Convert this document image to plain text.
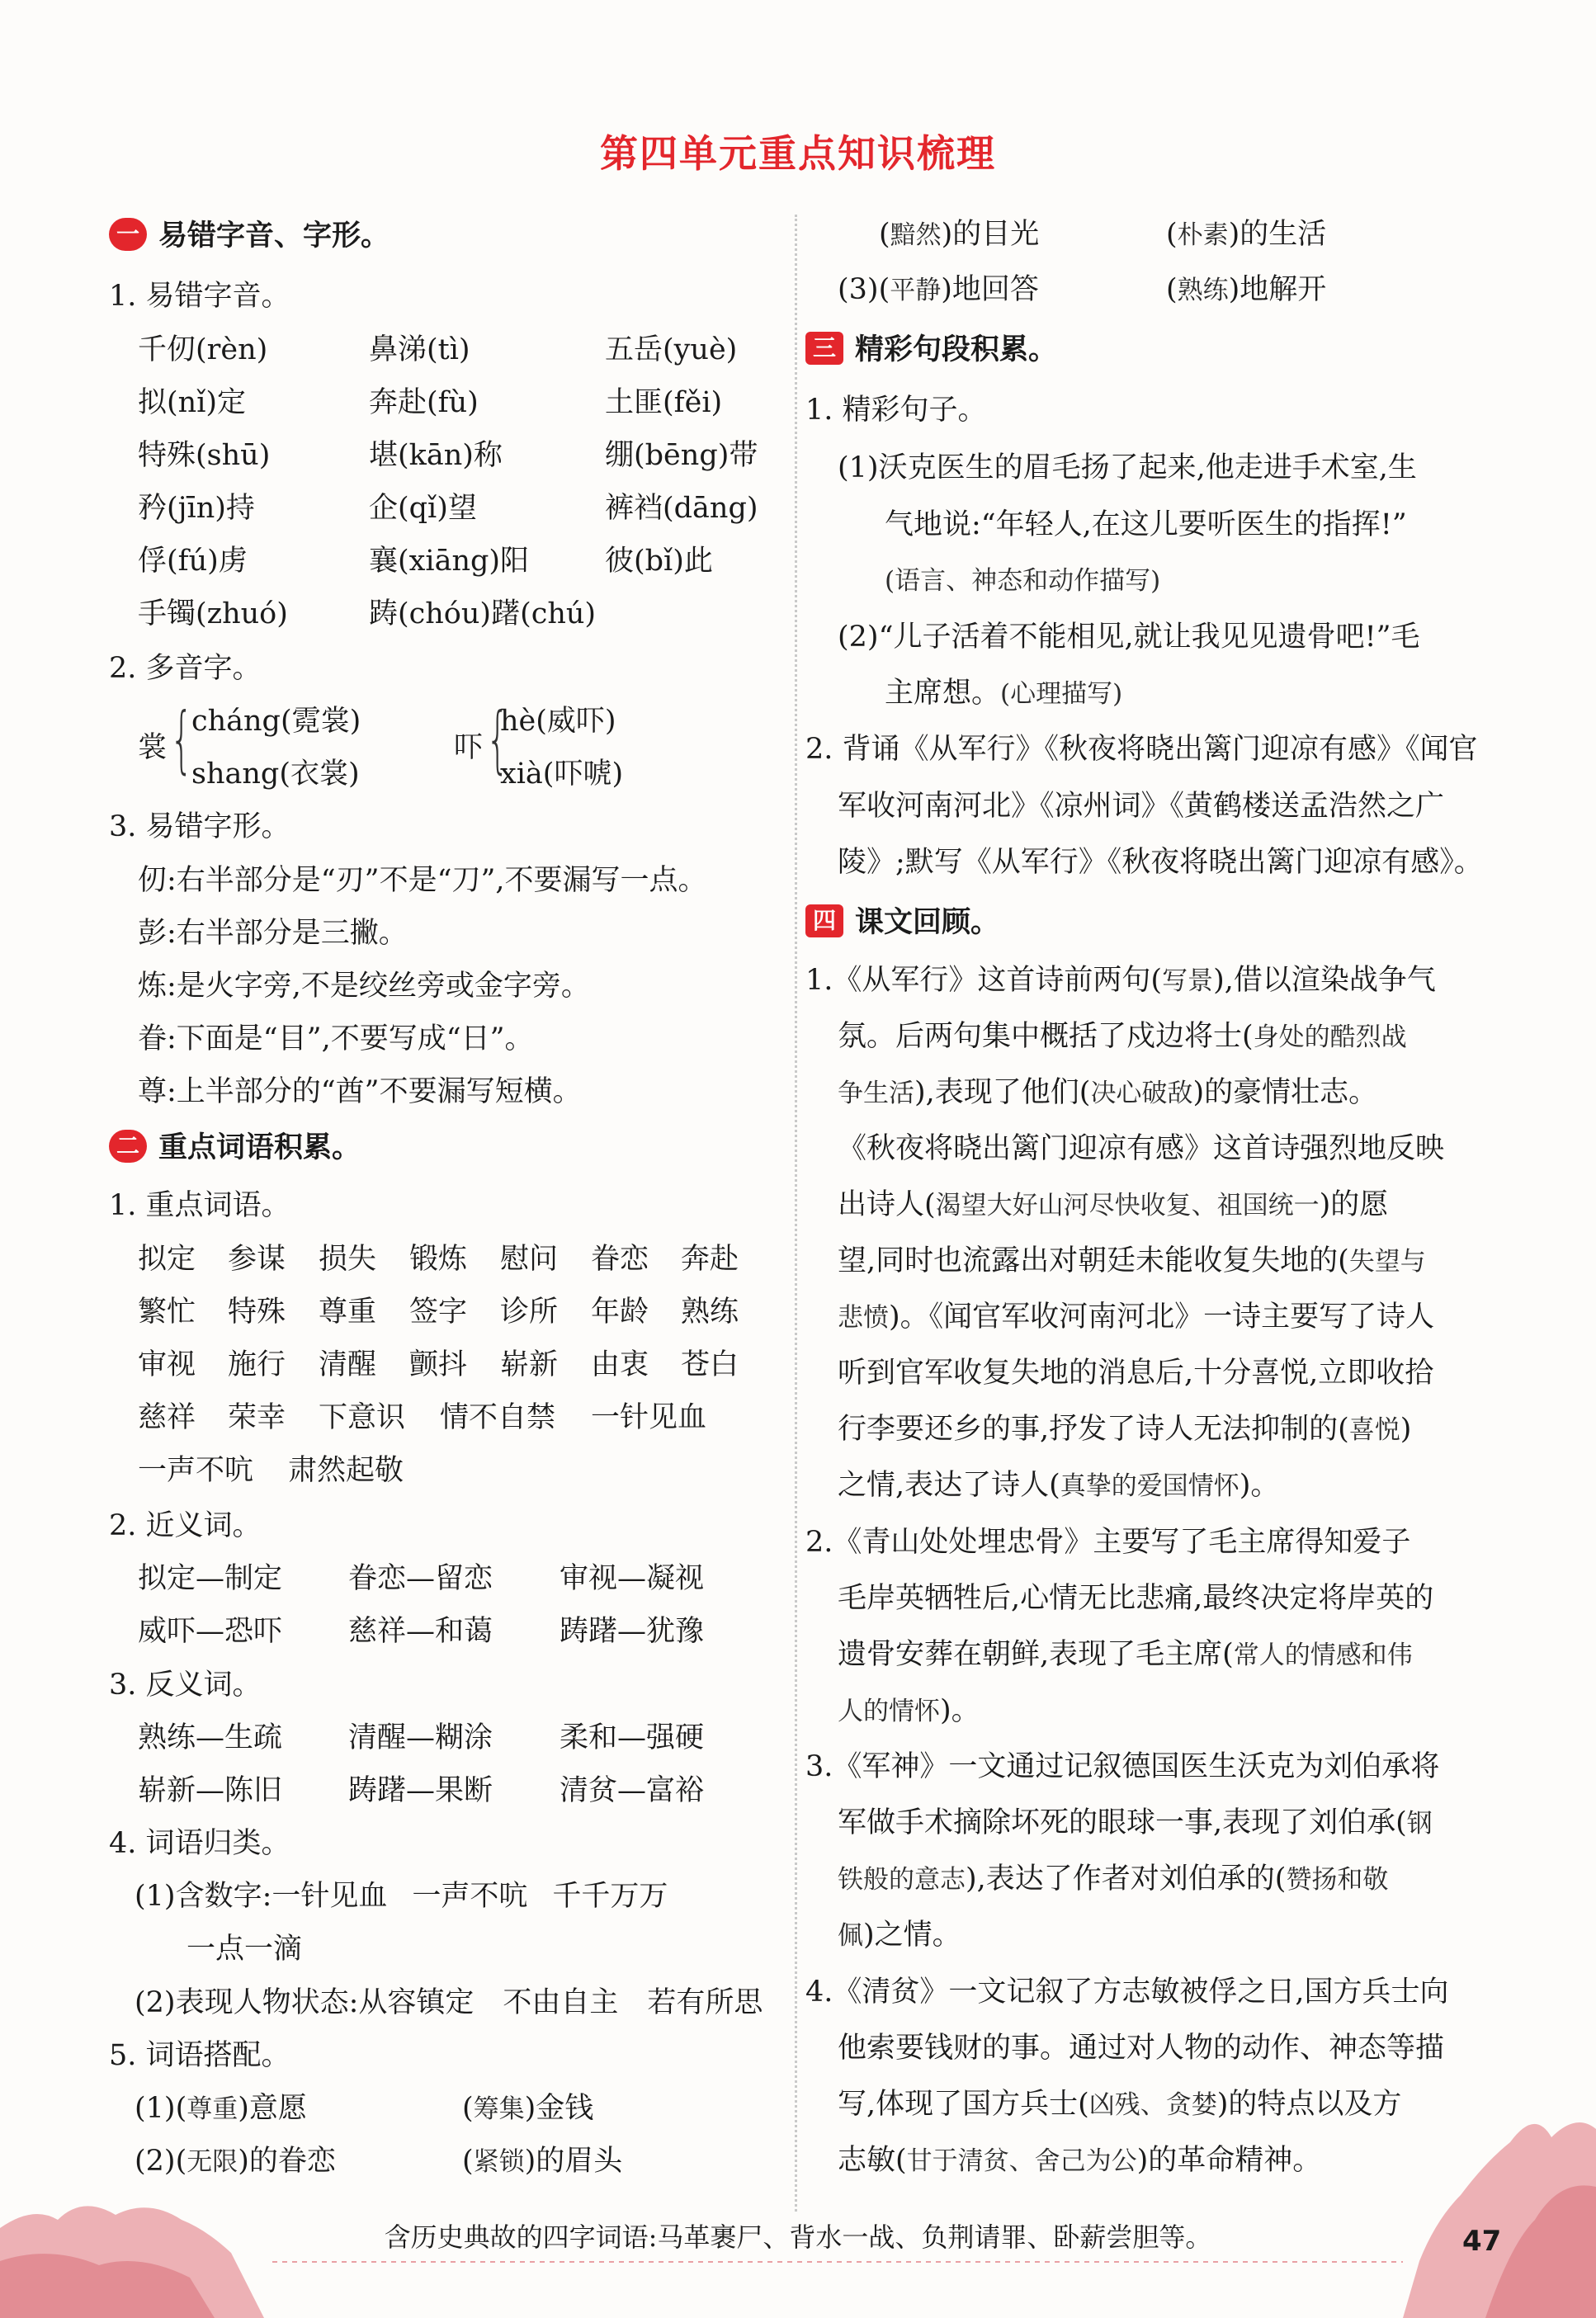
第四单元重点知识梳理
一 易错字音、字形。
1. 易错字音。
千仞(rèn)	鼻涕(tì)	五岳(yuè)
拟(nǐ)定	奔赴(fù)	土匪(fěi)
特殊(shū)	堪(kān)称	绷(bēng)带
矜(jīn)持	企(qǐ)望	裤裆(dāng)
俘(fú)虏	襄(xiāng)阳	彼(bǐ)此
手镯(zhuó)	踌(chóu)躇(chú)
2. 多音字。
裳 {
cháng(霓裳)
shang(衣裳)
吓 {
hè(威吓)
xià(吓唬)
3. 易错字形。
仞:右半部分是“刃”不是“刀”,不要漏写一点。
彭:右半部分是三撇。
炼:是火字旁,不是绞丝旁或金字旁。
眷:下面是“目”,不要写成“日”。
尊:上半部分的“酋”不要漏写短横。
二 重点词语积累。
1. 重点词语。
拟定 参谋 损失 锻炼 慰问 眷恋 奔赴
繁忙 特殊 尊重 签字 诊所 年龄 熟练
审视 施行 清醒 颤抖 崭新 由衷 苍白
慈祥 荣幸 下意识 情不自禁 一针见血
一声不吭 肃然起敬
2. 近义词。
拟定—制定 眷恋—留恋 审视—凝视
威吓—恐吓 慈祥—和蔼 踌躇—犹豫
3. 反义词。
熟练—生疏 清醒—糊涂 柔和—强硬
崭新—陈旧 踌躇—果断 清贫—富裕
4. 词语归类。
(1)含数字:一针见血 一声不吭 千千万万
一点一滴
(2)表现人物状态:从容镇定　不由自主　若有所思
5. 词语搭配。
(1)(尊重)意愿	(筹集)金钱
(2)(无限)的眷恋	(紧锁)的眉头
(黯然)的目光	(朴素)的生活
(3)(平静)地回答	(熟练)地解开
三 精彩句段积累。
1. 精彩句子。
(1)沃克医生的眉毛扬了起来,他走进手术室,生
气地说:“年轻人,在这儿要听医生的指挥!”
(语言、神态和动作描写)
(2)“儿子活着不能相见,就让我见见遗骨吧!”毛
主席想。(心理描写)
2. 背诵《从军行》《秋夜将晓出篱门迎凉有感》《闻官
军收河南河北》《凉州词》《黄鹤楼送孟浩然之广
陵》;默写《从军行》《秋夜将晓出篱门迎凉有感》。
四 课文回顾。
1.《从军行》这首诗前两句(写景),借以渲染战争气
氛。后两句集中概括了戍边将士(身处的酷烈战
争生活),表现了他们(决心破敌)的豪情壮志。
《秋夜将晓出篱门迎凉有感》这首诗强烈地反映
出诗人(渴望大好山河尽快收复、祖国统一)的愿
望,同时也流露出对朝廷未能收复失地的(失望与
悲愤)。《闻官军收河南河北》一诗主要写了诗人
听到官军收复失地的消息后,十分喜悦,立即收拾
行李要还乡的事,抒发了诗人无法抑制的(喜悦)
之情,表达了诗人(真挚的爱国情怀)。
2.《青山处处埋忠骨》主要写了毛主席得知爱子
毛岸英牺牲后,心情无比悲痛,最终决定将岸英的
遗骨安葬在朝鲜,表现了毛主席(常人的情感和伟
人的情怀)。
3.《军神》一文通过记叙德国医生沃克为刘伯承将
军做手术摘除坏死的眼球一事,表现了刘伯承(钢
铁般的意志),表达了作者对刘伯承的(赞扬和敬
佩)之情。
4.《清贫》一文记叙了方志敏被俘之日,国方兵士向
他索要钱财的事。通过对人物的动作、神态等描
写,体现了国方兵士(凶残、贪婪)的特点以及方
志敏(甘于清贫、舍己为公)的革命精神。
含历史典故的四字词语:马革裹尸、背水一战、负荆请罪、卧薪尝胆等。	47
